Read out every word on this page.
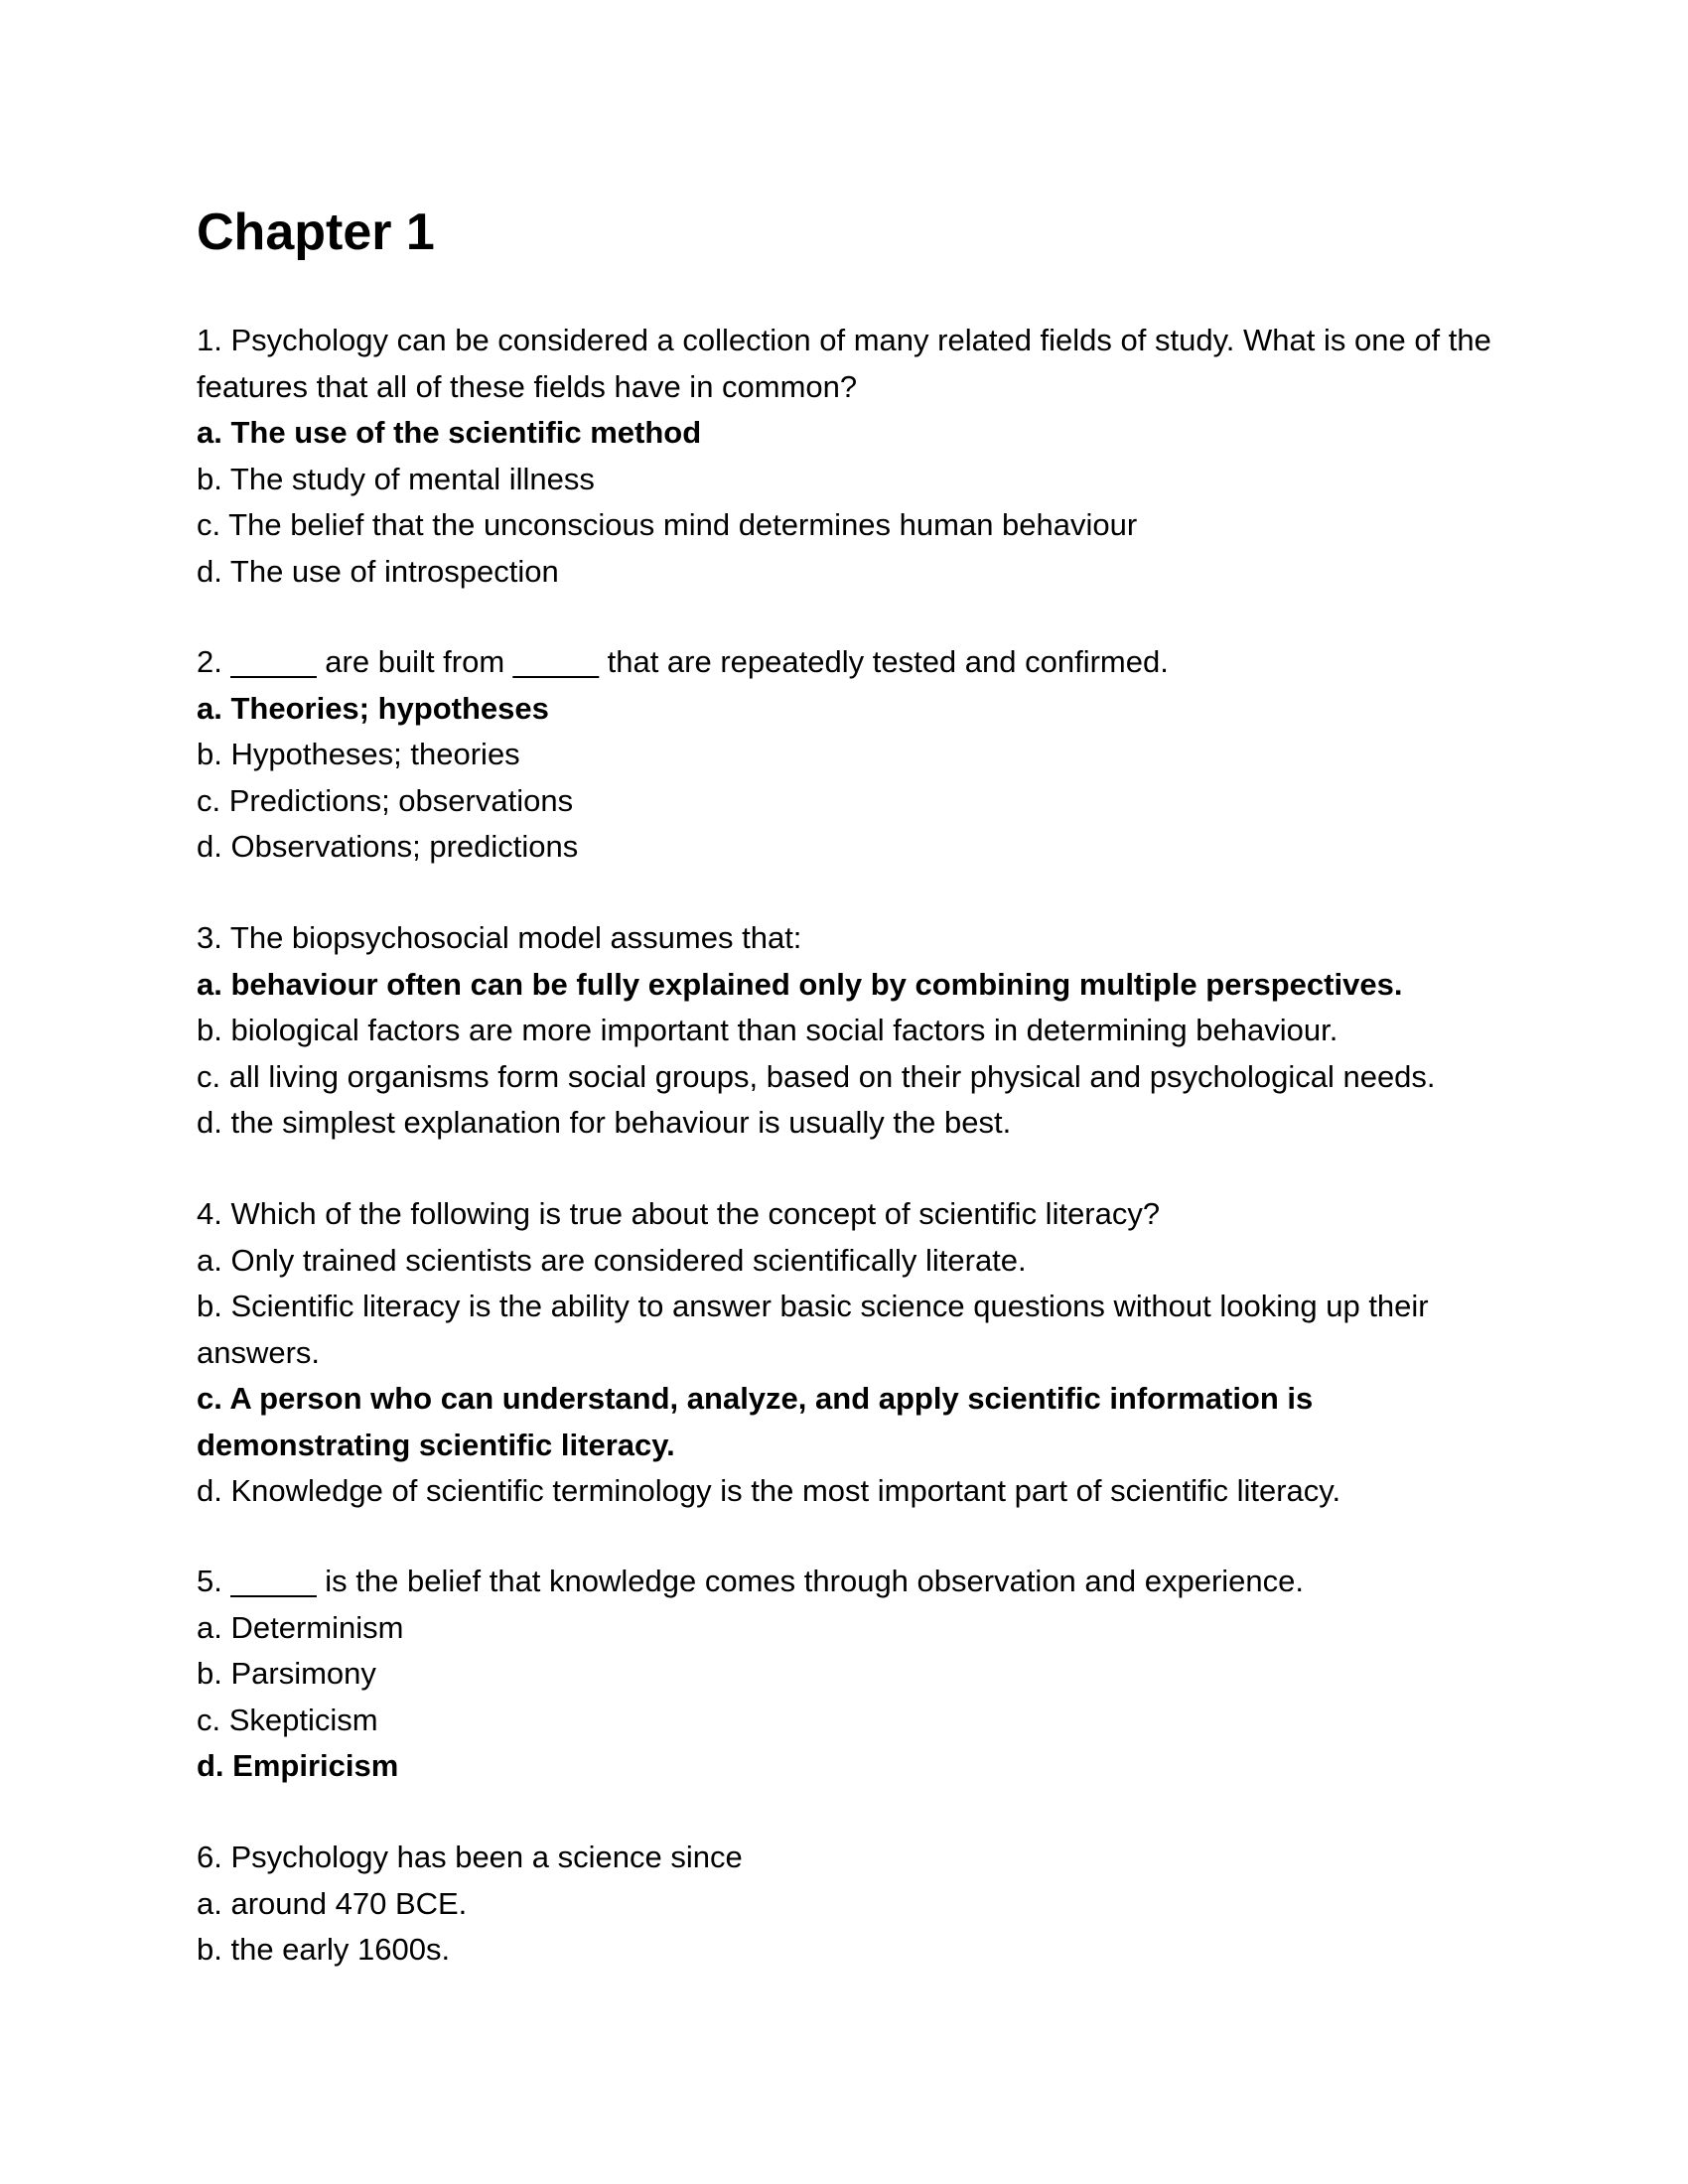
Chapter 1

1. Psychology can be considered a collection of many related fields of study. What is one of the features that all of these fields have in common?

a. The use of the scientific method

b. The study of mental illness

c. The belief that the unconscious mind determines human behaviour

d. The use of introspection

2. _____ are built from _____ that are repeatedly tested and confirmed.

a. Theories; hypotheses

b. Hypotheses; theories

c. Predictions; observations

d. Observations; predictions

3. The biopsychosocial model assumes that:

a. behaviour often can be fully explained only by combining multiple perspectives.

b. biological factors are more important than social factors in determining behaviour.

c. all living organisms form social groups, based on their physical and psychological needs.

d. the simplest explanation for behaviour is usually the best.

4. Which of the following is true about the concept of scientific literacy?

a. Only trained scientists are considered scientifically literate.

b. Scientific literacy is the ability to answer basic science questions without looking up their answers.

c. A person who can understand, analyze, and apply scientific information is demonstrating scientific literacy.

d. Knowledge of scientific terminology is the most important part of scientific literacy.

5. _____ is the belief that knowledge comes through observation and experience.

a. Determinism

b. Parsimony

c. Skepticism

d. Empiricism

6. Psychology has been a science since

a. around 470 BCE.

b. the early 1600s.
